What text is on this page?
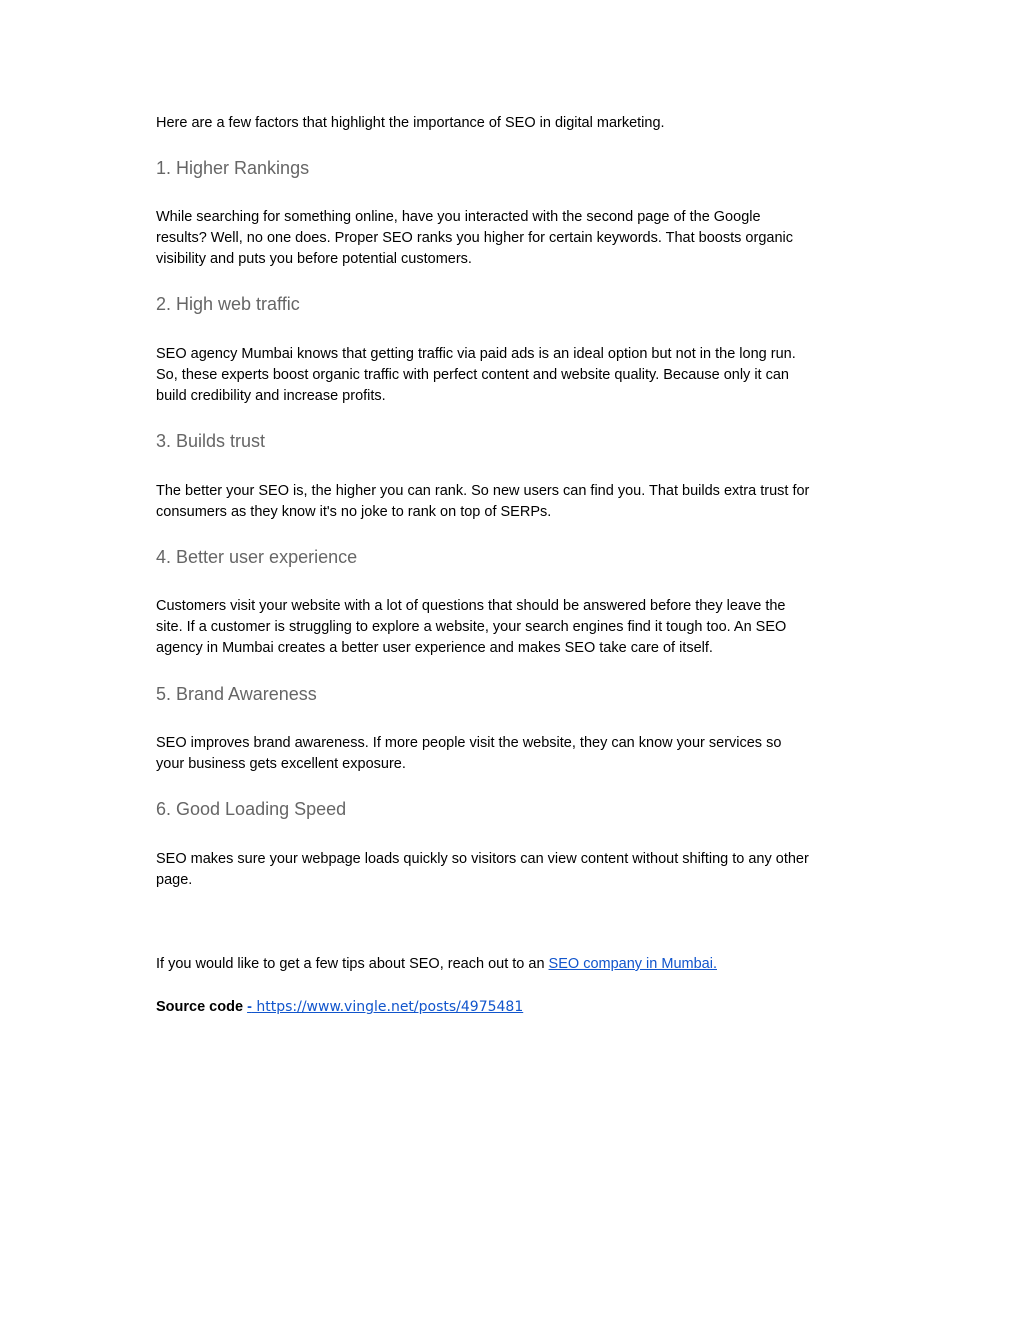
Here are a few factors that highlight the importance of SEO in digital marketing.

1. Higher Rankings

While searching for something online, have you interacted with the second page of the Google
results? Well, no one does. Proper SEO ranks you higher for certain keywords. That boosts organic
visibility and puts you before potential customers.

2. High web traffic

SEO agency Mumbai knows that getting traffic via paid ads is an ideal option but not in the long run.
So, these experts boost organic traffic with perfect content and website quality. Because only it can
build credibility and increase profits.

3. Builds trust

The better your SEO is, the higher you can rank. So new users can find you. That builds extra trust for
consumers as they know it's no joke to rank on top of SERPs.

4. Better user experience

Customers visit your website with a lot of questions that should be answered before they leave the
site. If a customer is struggling to explore a website, your search engines find it tough too. An SEO
agency in Mumbai creates a better user experience and makes SEO take care of itself.

5. Brand Awareness

SEO improves brand awareness. If more people visit the website, they can know your services so
your business gets excellent exposure.

6. Good Loading Speed

SEO makes sure your webpage loads quickly so visitors can view content without shifting to any other
page.

If you would like to get a few tips about SEO, reach out to an SEO company in Mumbai.

Source code - https://www.vingle.net/posts/4975481
